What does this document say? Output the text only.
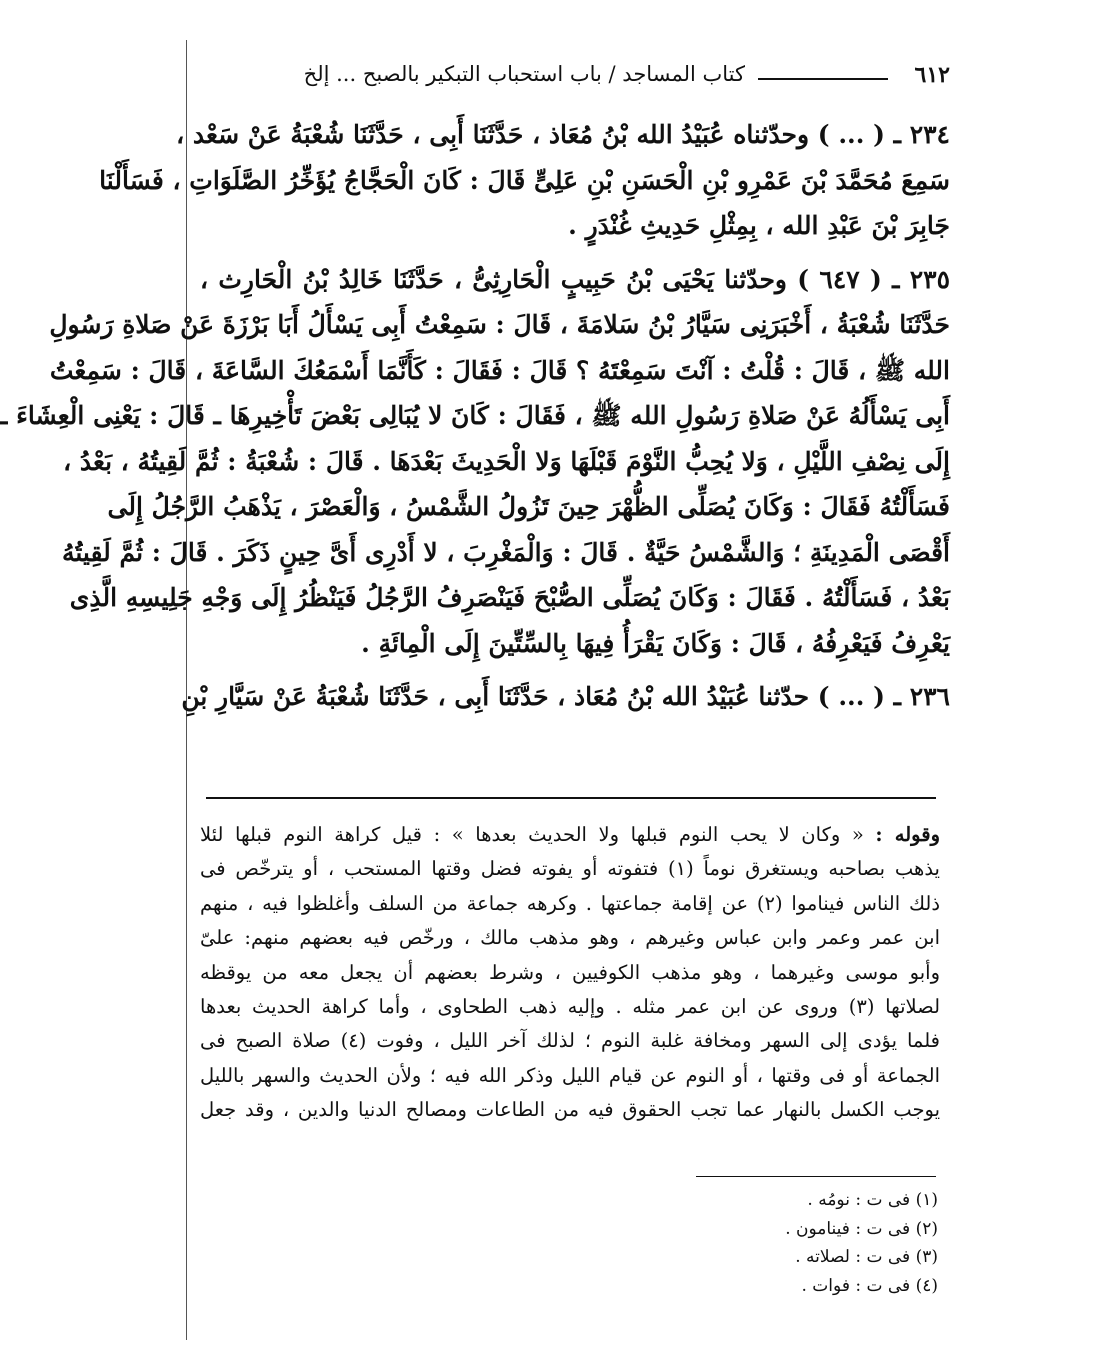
٦١٢
كتاب المساجد / باب استحباب التبكير بالصبح ... إلخ

٢٣٤ ـ ( ... ) وحدّثناه عُبَيْدُ الله بْنُ مُعَاذ ، حَدَّثَنَا أَبِى ، حَدَّثَنَا شُعْبَةُ عَنْ سَعْد ،

سَمِعَ مُحَمَّدَ بْنَ عَمْرِو بْنِ الْحَسَنِ بْنِ عَلِىٍّ قَالَ : كَانَ الْحَجَّاجُ يُؤَخِّرُ الصَّلَوَاتِ ، فَسَأَلْنَا

جَابِرَ بْنَ عَبْدِ الله ، بِمِثْلِ حَدِيثِ غُنْدَرٍ .

٢٣٥ ـ ( ٦٤٧ ) وحدّثنا يَحْيَى بْنُ حَبِيبٍ الْحَارِثِىُّ ، حَدَّثَنَا خَالِدُ بْنُ الْحَارِث ،

حَدَّثَنَا شُعْبَةُ ، أَخْبَرَنِى سَيَّارُ بْنُ سَلامَةَ ، قَالَ : سَمِعْتُ أَبِى يَسْأَلُ أَبَا بَرْزَةَ عَنْ صَلاةِ رَسُولِ

الله ﷺ ، قَالَ : قُلْتُ : آنْتَ سَمِعْتَهُ ؟ قَالَ : فَقَالَ : كَأَنَّمَا أَسْمَعُكَ السَّاعَةَ ، قَالَ : سَمِعْتُ

أَبِى يَسْأَلُهُ عَنْ صَلاةِ رَسُولِ الله ﷺ ، فَقَالَ : كَانَ لا يُبَالِى بَعْضَ تَأْخِيرِهَا ـ قَالَ : يَعْنِى الْعِشَاءَ ـ

إِلَى نِصْفِ اللَّيْلِ ، وَلا يُحِبُّ النَّوْمَ قَبْلَهَا وَلا الْحَدِيثَ بَعْدَهَا . قَالَ : شُعْبَةُ : ثُمَّ لَقِيتُهُ ، بَعْدُ ،

فَسَأَلْتُهُ فَقَالَ : وَكَانَ يُصَلِّى الظُّهْرَ حِينَ تَزُولُ الشَّمْسُ ، وَالْعَصْرَ ، يَذْهَبُ الرَّجُلُ إِلَى

أَقْصَى الْمَدِينَةِ ؛ وَالشَّمْسُ حَيَّةٌ . قَالَ : وَالْمَغْرِبَ ، لا أَدْرِى أَىَّ حِينٍ ذَكَرَ . قَالَ : ثُمَّ لَقِيتُهُ

بَعْدُ ، فَسَأَلْتُهُ . فَقَالَ : وَكَانَ يُصَلِّى الصُّبْحَ فَيَنْصَرِفُ الرَّجُلُ فَيَنْظُرُ إِلَى وَجْهِ جَلِيسِهِ الَّذِى

يَعْرِفُ فَيَعْرِفُهُ ، قَالَ : وَكَانَ يَقْرَأُ فِيهَا بِالسِّتِّينَ إِلَى الْمِائَةِ .

٢٣٦ ـ ( ... ) حدّثنا عُبَيْدُ الله بْنُ مُعَاذ ، حَدَّثَنَا أَبِى ، حَدَّثَنَا شُعْبَةُ عَنْ سَيَّارِ بْنِ

وقوله : « وكان لا يحب النوم قبلها ولا الحديث بعدها » : قيل كراهة النوم قبلها لئلا

يذهب بصاحبه ويستغرق نوماً (١) فتفوته أو يفوته فضل وقتها المستحب ، أو يترخّص فى

ذلك الناس فيناموا (٢) عن إقامة جماعتها . وكرهه جماعة من السلف وأغلظوا فيه ، منهم

ابن عمر وعمر وابن عباس وغيرهم ، وهو مذهب مالك ، ورخّص فيه بعضهم منهم: علىّ

وأبو موسى وغيرهما ، وهو مذهب الكوفيين ، وشرط بعضهم أن يجعل معه من يوقظه

لصلاتها (٣) وروى عن ابن عمر مثله . وإليه ذهب الطحاوى ، وأما كراهة الحديث بعدها

فلما يؤدى إلى السهر ومخافة غلبة النوم ؛ لذلك آخر الليل ، وفوت (٤) صلاة الصبح فى

الجماعة أو فى وقتها ، أو النوم عن قيام الليل وذكر الله فيه ؛ ولأن الحديث والسهر بالليل

يوجب الكسل بالنهار عما تجب الحقوق فيه من الطاعات ومصالح الدنيا والدين ، وقد جعل

(١) فى ت : نومُه .

(٢) فى ت : فينامون .

(٣) فى ت : لصلاته .

(٤) فى ت : فوات .
